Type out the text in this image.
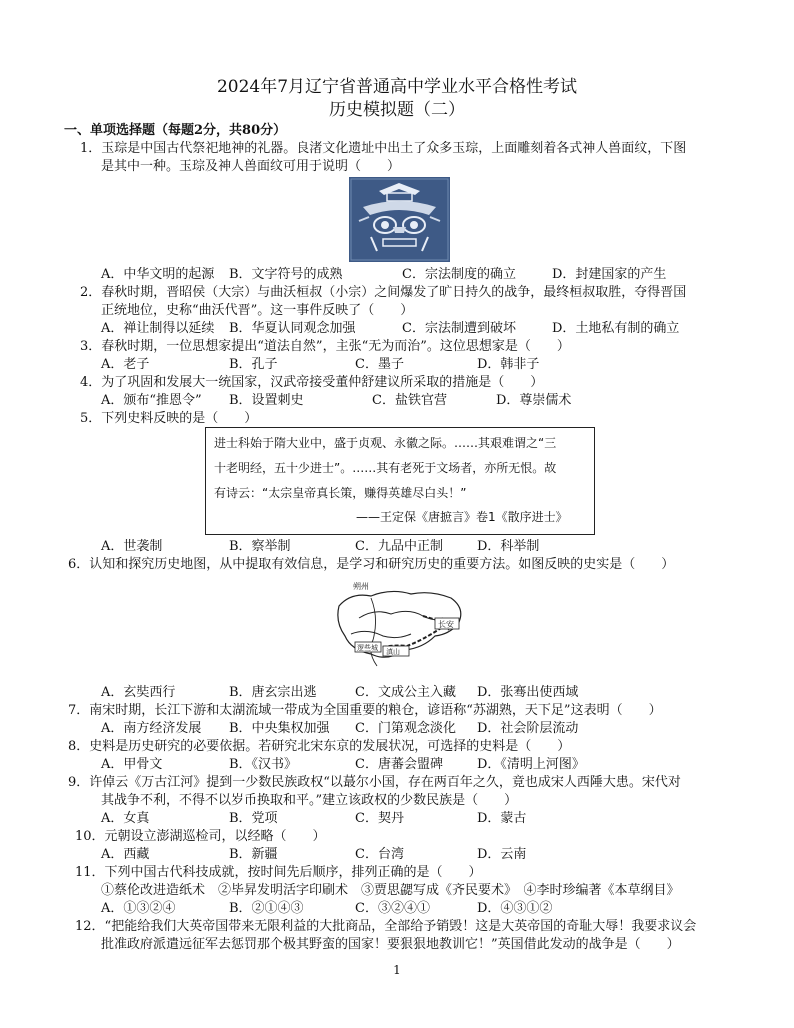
2024年7月辽宁省普通高中学业水平合格性考试
历史模拟题（二）
一、单项选择题（每题2分，共80分）
1．玉琮是中国古代祭祀地神的礼器。良渚文化遗址中出土了众多玉琮，上面雕刻着各式神人兽面纹，下图
是其中一种。玉琮及神人兽面纹可用于说明（　　）
A．中华文明的起源 B．文字符号的成熟	C．宗法制度的确立	D．封建国家的产生
2．春秋时期，晋昭侯（大宗）与曲沃桓叔（小宗）之间爆发了旷日持久的战争，最终桓叔取胜，夺得晋国
正统地位，史称“曲沃代晋”。这一事件反映了（　　）
A．禅让制得以延续 B．华夏认同观念加强	C．宗法制遭到破坏	D．土地私有制的确立
3．春秋时期，一位思想家提出“道法自然”，主张“无为而治”。这位思想家是（　　）
A．老子	B．孔子	C．墨子	D．韩非子
4．为了巩固和发展大一统国家，汉武帝接受董仲舒建议所采取的措施是（　　）
A．颁布“推恩令” B．设置刺史	C．盐铁官营	D．尊崇儒术
5．下列史料反映的是（　　）
进士科始于隋大业中，盛于贞观、永徽之际。……其艰难谓之“三
十老明经，五十少进士”。……其有老死于文场者，亦所无恨。故
有诗云：“太宗皇帝真长策，赚得英雄尽白头！”
——王定保《唐摭言》卷1《散序进士》
A．世袭制	B．察举制	C．九品中正制	D．科举制
6．认知和探究历史地图，从中提取有效信息，是学习和研究历史的重要方法。如图反映的史实是（　　）
朔州
长安
逻些城 滇山
A．玄奘西行	B．唐玄宗出逃	C．文成公主入藏 D．张骞出使西域
7．南宋时期，长江下游和太湖流域一带成为全国重要的粮仓，谚语称“苏湖熟，天下足”这表明（　　）
A．南方经济发展 B．中央集权加强 C．门第观念淡化 D．社会阶层流动
8．史料是历史研究的必要依据。若研究北宋东京的发展状况，可选择的史料是（　　）
A．甲骨文	B．《汉书》	C．唐蕃会盟碑	D．《清明上河图》
9．许倬云《万古江河》提到一少数民族政权“以蕞尔小国，存在两百年之久，竟也成宋人西陲大患。宋代对
其战争不利，不得不以岁币换取和平。”建立该政权的少数民族是（　　）
A．女真	B．党项	C．契丹	D．蒙古
10．元朝设立澎湖巡检司，以经略（　　）
A．西藏	B．新疆	C．台湾	D．云南
11．下列中国古代科技成就，按时间先后顺序，排列正确的是（　　）
①蔡伦改进造纸术　②毕昇发明活字印刷术　③贾思勰写成《齐民要术》　④李时珍编著《本草纲目》
A．①③②④	B．②①④③	C．③②④①	D．④③①②
12．“把能给我们大英帝国带来无限利益的大批商品，全部给予销毁！这是大英帝国的奇耻大辱！我要求议会
批准政府派遣远征军去惩罚那个极其野蛮的国家！要狠狠地教训它！”英国借此发动的战争是（　　）
1
